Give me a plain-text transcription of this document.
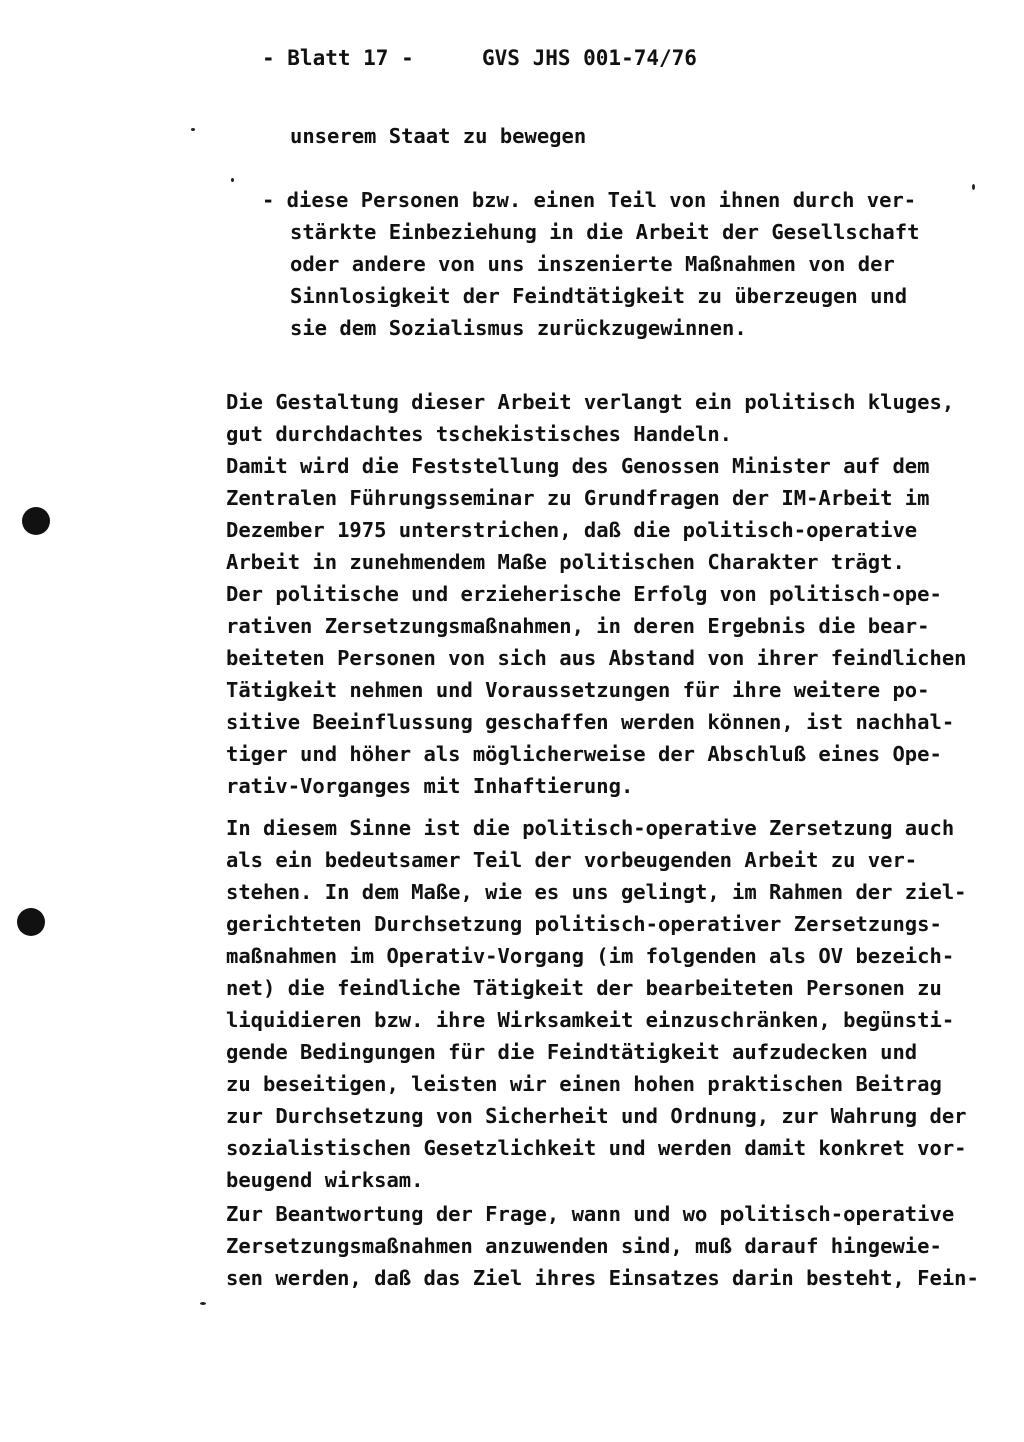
- Blatt 17 -	GVS JHS 001-74/76
unserem Staat zu bewegen
- diese Personen bzw. einen Teil von ihnen durch ver-
stärkte Einbeziehung in die Arbeit der Gesellschaft
oder andere von uns inszenierte Maßnahmen von der
Sinnlosigkeit der Feindtätigkeit zu überzeugen und
sie dem Sozialismus zurückzugewinnen.
Die Gestaltung dieser Arbeit verlangt ein politisch kluges,
gut durchdachtes tschekistisches Handeln.
Damit wird die Feststellung des Genossen Minister auf dem
Zentralen Führungsseminar zu Grundfragen der IM-Arbeit im
Dezember 1975 unterstrichen, daß die politisch-operative
Arbeit in zunehmendem Maße politischen Charakter trägt.
Der politische und erzieherische Erfolg von politisch-ope-
rativen Zersetzungsmaßnahmen, in deren Ergebnis die bear-
beiteten Personen von sich aus Abstand von ihrer feindlichen
Tätigkeit nehmen und Voraussetzungen für ihre weitere po-
sitive Beeinflussung geschaffen werden können, ist nachhal-
tiger und höher als möglicherweise der Abschluß eines Ope-
rativ-Vorganges mit Inhaftierung.
In diesem Sinne ist die politisch-operative Zersetzung auch
als ein bedeutsamer Teil der vorbeugenden Arbeit zu ver-
stehen. In dem Maße, wie es uns gelingt, im Rahmen der ziel-
gerichteten Durchsetzung politisch-operativer Zersetzungs-
maßnahmen im Operativ-Vorgang (im folgenden als OV bezeich-
net) die feindliche Tätigkeit der bearbeiteten Personen zu
liquidieren bzw. ihre Wirksamkeit einzuschränken, begünsti-
gende Bedingungen für die Feindtätigkeit aufzudecken und
zu beseitigen, leisten wir einen hohen praktischen Beitrag
zur Durchsetzung von Sicherheit und Ordnung, zur Wahrung der
sozialistischen Gesetzlichkeit und werden damit konkret vor-
beugend wirksam.
Zur Beantwortung der Frage, wann und wo politisch-operative
Zersetzungsmaßnahmen anzuwenden sind, muß darauf hingewie-
sen werden, daß das Ziel ihres Einsatzes darin besteht, Fein-
